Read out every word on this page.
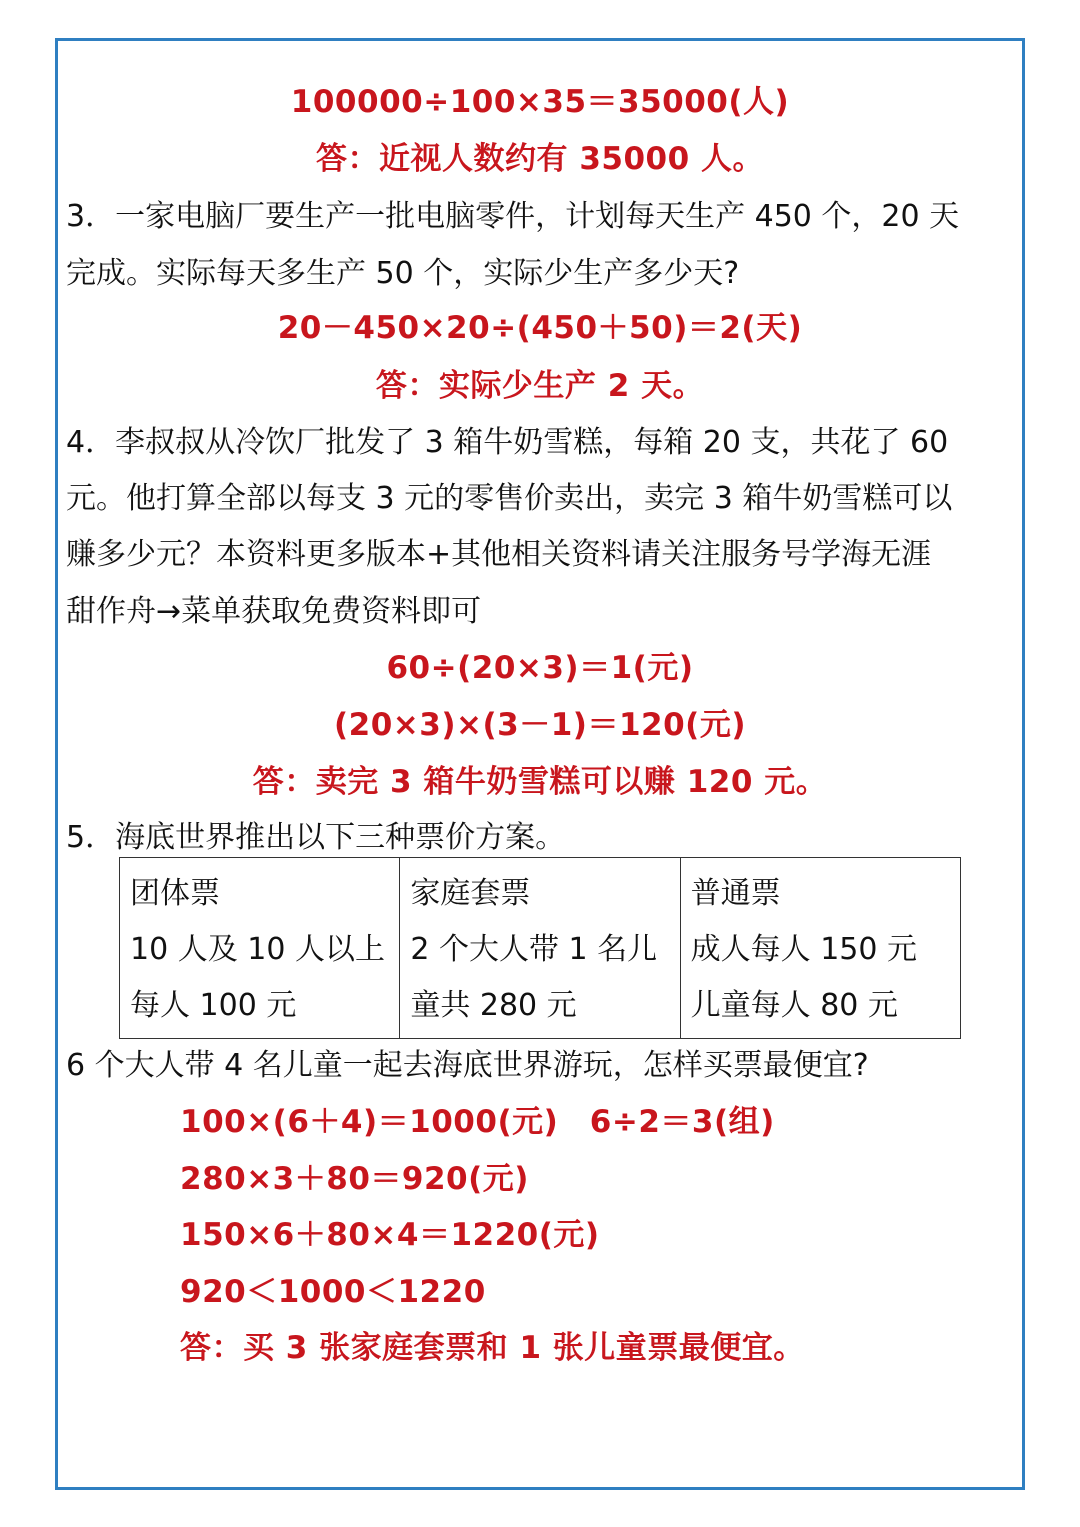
100000÷100×35＝35000(人)
答：近视人数约有 35000 人。
3．一家电脑厂要生产一批电脑零件，计划每天生产 450 个，20 天
完成。实际每天多生产 50 个，实际少生产多少天?
20－450×20÷(450＋50)＝2(天)
答：实际少生产 2 天。
4．李叔叔从冷饮厂批发了 3 箱牛奶雪糕，每箱 20 支，共花了 60
元。他打算全部以每支 3 元的零售价卖出，卖完 3 箱牛奶雪糕可以
赚多少元？本资料更多版本+其他相关资料请关注服务号学海无涯
甜作舟→菜单获取免费资料即可
60÷(20×3)＝1(元)
(20×3)×(3－1)＝120(元)
答：卖完 3 箱牛奶雪糕可以赚 120 元。
5．海底世界推出以下三种票价方案。
团体票
10 人及 10 人以上
每人 100 元

家庭套票
2 个大人带 1 名儿
童共 280 元

普通票
成人每人 150 元
儿童每人 80 元
6 个大人带 4 名儿童一起去海底世界游玩，怎样买票最便宜?
100×(6＋4)＝1000(元)　6÷2＝3(组)
280×3＋80＝920(元)
150×6＋80×4＝1220(元)
920＜1000＜1220
答：买 3 张家庭套票和 1 张儿童票最便宜。
